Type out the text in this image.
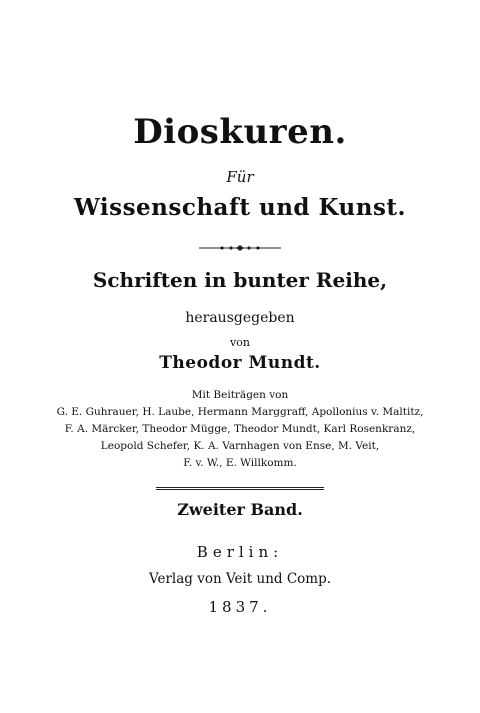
Dioskuren.
Für
Wissenschaft und Kunst.
Schriften in bunter Reihe,
herausgegeben
von
Theodor Mundt.
Mit Beiträgen von
G. E. Guhrauer, H. Laube, Hermann Marggraff, Apollonius v. Maltitz,
F. A. Märcker, Theodor Mügge, Theodor Mundt, Karl Rosenkranz,
Leopold Schefer, K. A. Varnhagen von Ense, M. Veit,
F. v. W., E. Willkomm.
Zweiter Band.
Berlin:
Verlag von Veit und Comp.
1837.
